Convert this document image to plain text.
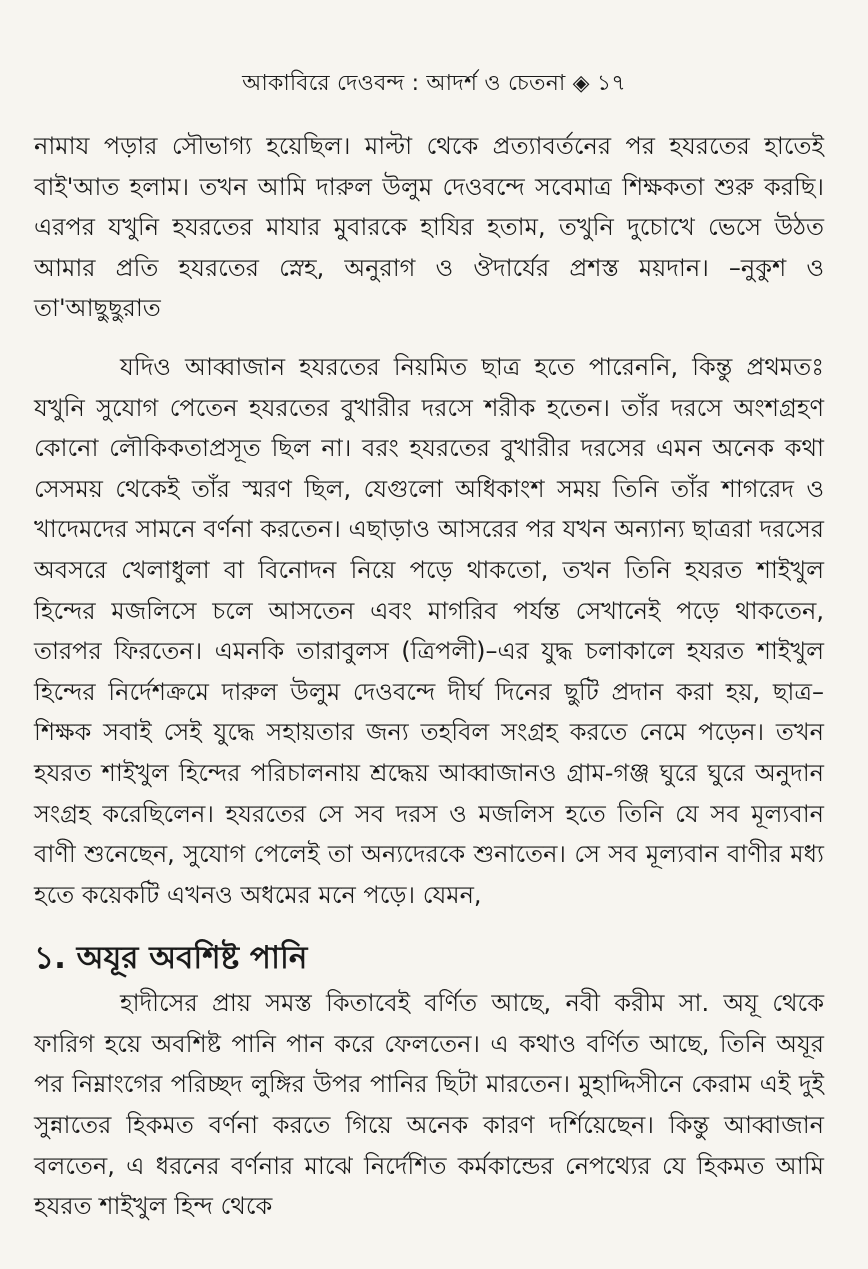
আকাবিরে দেওবন্দ : আদর্শ ও চেতনা ◈ ১৭

নামায পড়ার সৌভাগ্য হয়েছিল। মাল্টা থেকে প্রত্যাবর্তনের পর হযরতের হাতেই বাই'আত হলাম। তখন আমি দারুল উলুম দেওবন্দে সবেমাত্র শিক্ষকতা শুরু করছি। এরপর যখুনি হযরতের মাযার মুবারকে হাযির হতাম, তখুনি দুচোখে ভেসে উঠত আমার প্রতি হযরতের স্নেহ, অনুরাগ ও ঔদার্যের প্রশস্ত ময়দান। –নুকুশ ও তা'আছুছুরাত

যদিও আব্বাজান হযরতের নিয়মিত ছাত্র হতে পারেননি, কিন্তু প্রথমতঃ যখুনি সুযোগ পেতেন হযরতের বুখারীর দরসে শরীক হতেন। তাঁর দরসে অংশগ্রহণ কোনো লৌকিকতাপ্রসূত ছিল না। বরং হযরতের বুখারীর দরসের এমন অনেক কথা সেসময় থেকেই তাঁর স্মরণ ছিল, যেগুলো অধিকাংশ সময় তিনি তাঁর শাগরেদ ও খাদেমদের সামনে বর্ণনা করতেন। এছাড়াও আসরের পর যখন অন্যান্য ছাত্ররা দরসের অবসরে খেলাধুলা বা বিনোদন নিয়ে পড়ে থাকতো, তখন তিনি হযরত শাইখুল হিন্দের মজলিসে চলে আসতেন এবং মাগরিব পর্যন্ত সেখানেই পড়ে থাকতেন, তারপর ফিরতেন। এমনকি তারাবুলস (ত্রিপলী)–এর যুদ্ধ চলাকালে হযরত শাইখুল হিন্দের নির্দেশক্রমে দারুল উলুম দেওবন্দে দীর্ঘ দিনের ছুটি প্রদান করা হয়, ছাত্র–শিক্ষক সবাই সেই যুদ্ধে সহায়তার জন্য তহবিল সংগ্রহ করতে নেমে পড়েন। তখন হযরত শাইখুল হিন্দের পরিচালনায় শ্রদ্ধেয় আব্বাজানও গ্রাম-গঞ্জ ঘুরে ঘুরে অনুদান সংগ্রহ করেছিলেন। হযরতের সে সব দরস ও মজলিস হতে তিনি যে সব মূল্যবান বাণী শুনেছেন, সুযোগ পেলেই তা অন্যদেরকে শুনাতেন। সে সব মূল্যবান বাণীর মধ্য হতে কয়েকটি এখনও অধমের মনে পড়ে। যেমন,

১. অযূর অবশিষ্ট পানি

হাদীসের প্রায় সমস্ত কিতাবেই বর্ণিত আছে, নবী করীম সা. অযূ থেকে ফারিগ হয়ে অবশিষ্ট পানি পান করে ফেলতেন। এ কথাও বর্ণিত আছে, তিনি অযূর পর নিম্নাংগের পরিচ্ছদ লুঙ্গির উপর পানির ছিটা মারতেন। মুহাদ্দিসীনে কেরাম এই দুই সুন্নাতের হিকমত বর্ণনা করতে গিয়ে অনেক কারণ দর্শিয়েছেন। কিন্তু আব্বাজান বলতেন, এ ধরনের বর্ণনার মাঝে নির্দেশিত কর্মকান্ডের নেপথ্যের যে হিকমত আমি হযরত শাইখুল হিন্দ থেকে
